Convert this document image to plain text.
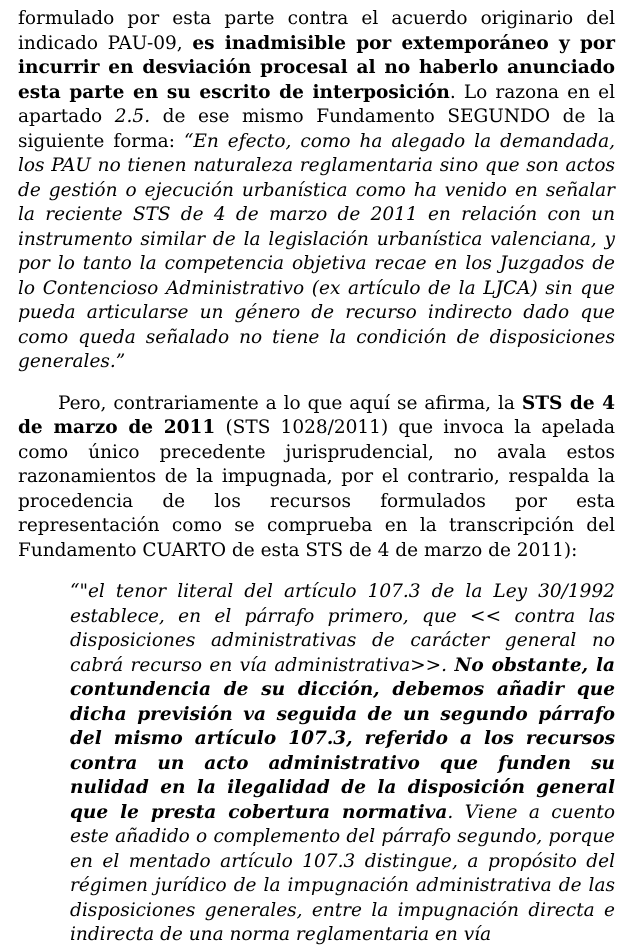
formulado por esta parte contra el acuerdo originario del indicado PAU-09, es inadmisible por extemporáneo y por incurrir en desviación procesal al no haberlo anunciado esta parte en su escrito de interposición. Lo razona en el apartado 2.5. de ese mismo Fundamento SEGUNDO de la siguiente forma: “En efecto, como ha alegado la demandada, los PAU no tienen naturaleza reglamentaria sino que son actos de gestión o ejecución urbanística como ha venido en señalar la reciente STS de 4 de marzo de 2011 en relación con un instrumento similar de la legislación urbanística valenciana, y por lo tanto la competencia objetiva recae en los Juzgados de lo Contencioso Administrativo (ex artículo de la LJCA) sin que pueda articularse un género de recurso indirecto dado que como queda señalado no tiene la condición de disposiciones generales.”

Pero, contrariamente a lo que aquí se afirma, la STS de 4 de marzo de 2011 (STS 1028/2011) que invoca la apelada como único precedente jurisprudencial, no avala estos razonamientos de la impugnada, por el contrario, respalda la procedencia de los recursos formulados por esta representación como se comprueba en la transcripción del Fundamento CUARTO de esta STS de 4 de marzo de 2011):

“"el tenor literal del artículo 107.3 de la Ley 30/1992 establece, en el párrafo primero, que << contra las disposiciones administrativas de carácter general no cabrá recurso en vía administrativa>>. No obstante, la contundencia de su dicción, debemos añadir que dicha previsión va seguida de un segundo párrafo del mismo artículo 107.3, referido a los recursos contra un acto administrativo que funden su nulidad en la ilegalidad de la disposición general que le presta cobertura normativa. Viene a cuento este añadido o complemento del párrafo segundo, porque en el mentado artículo 107.3 distingue, a propósito del régimen jurídico de la impugnación administrativa de las disposiciones generales, entre la impugnación directa e indirecta de una norma reglamentaria en vía
